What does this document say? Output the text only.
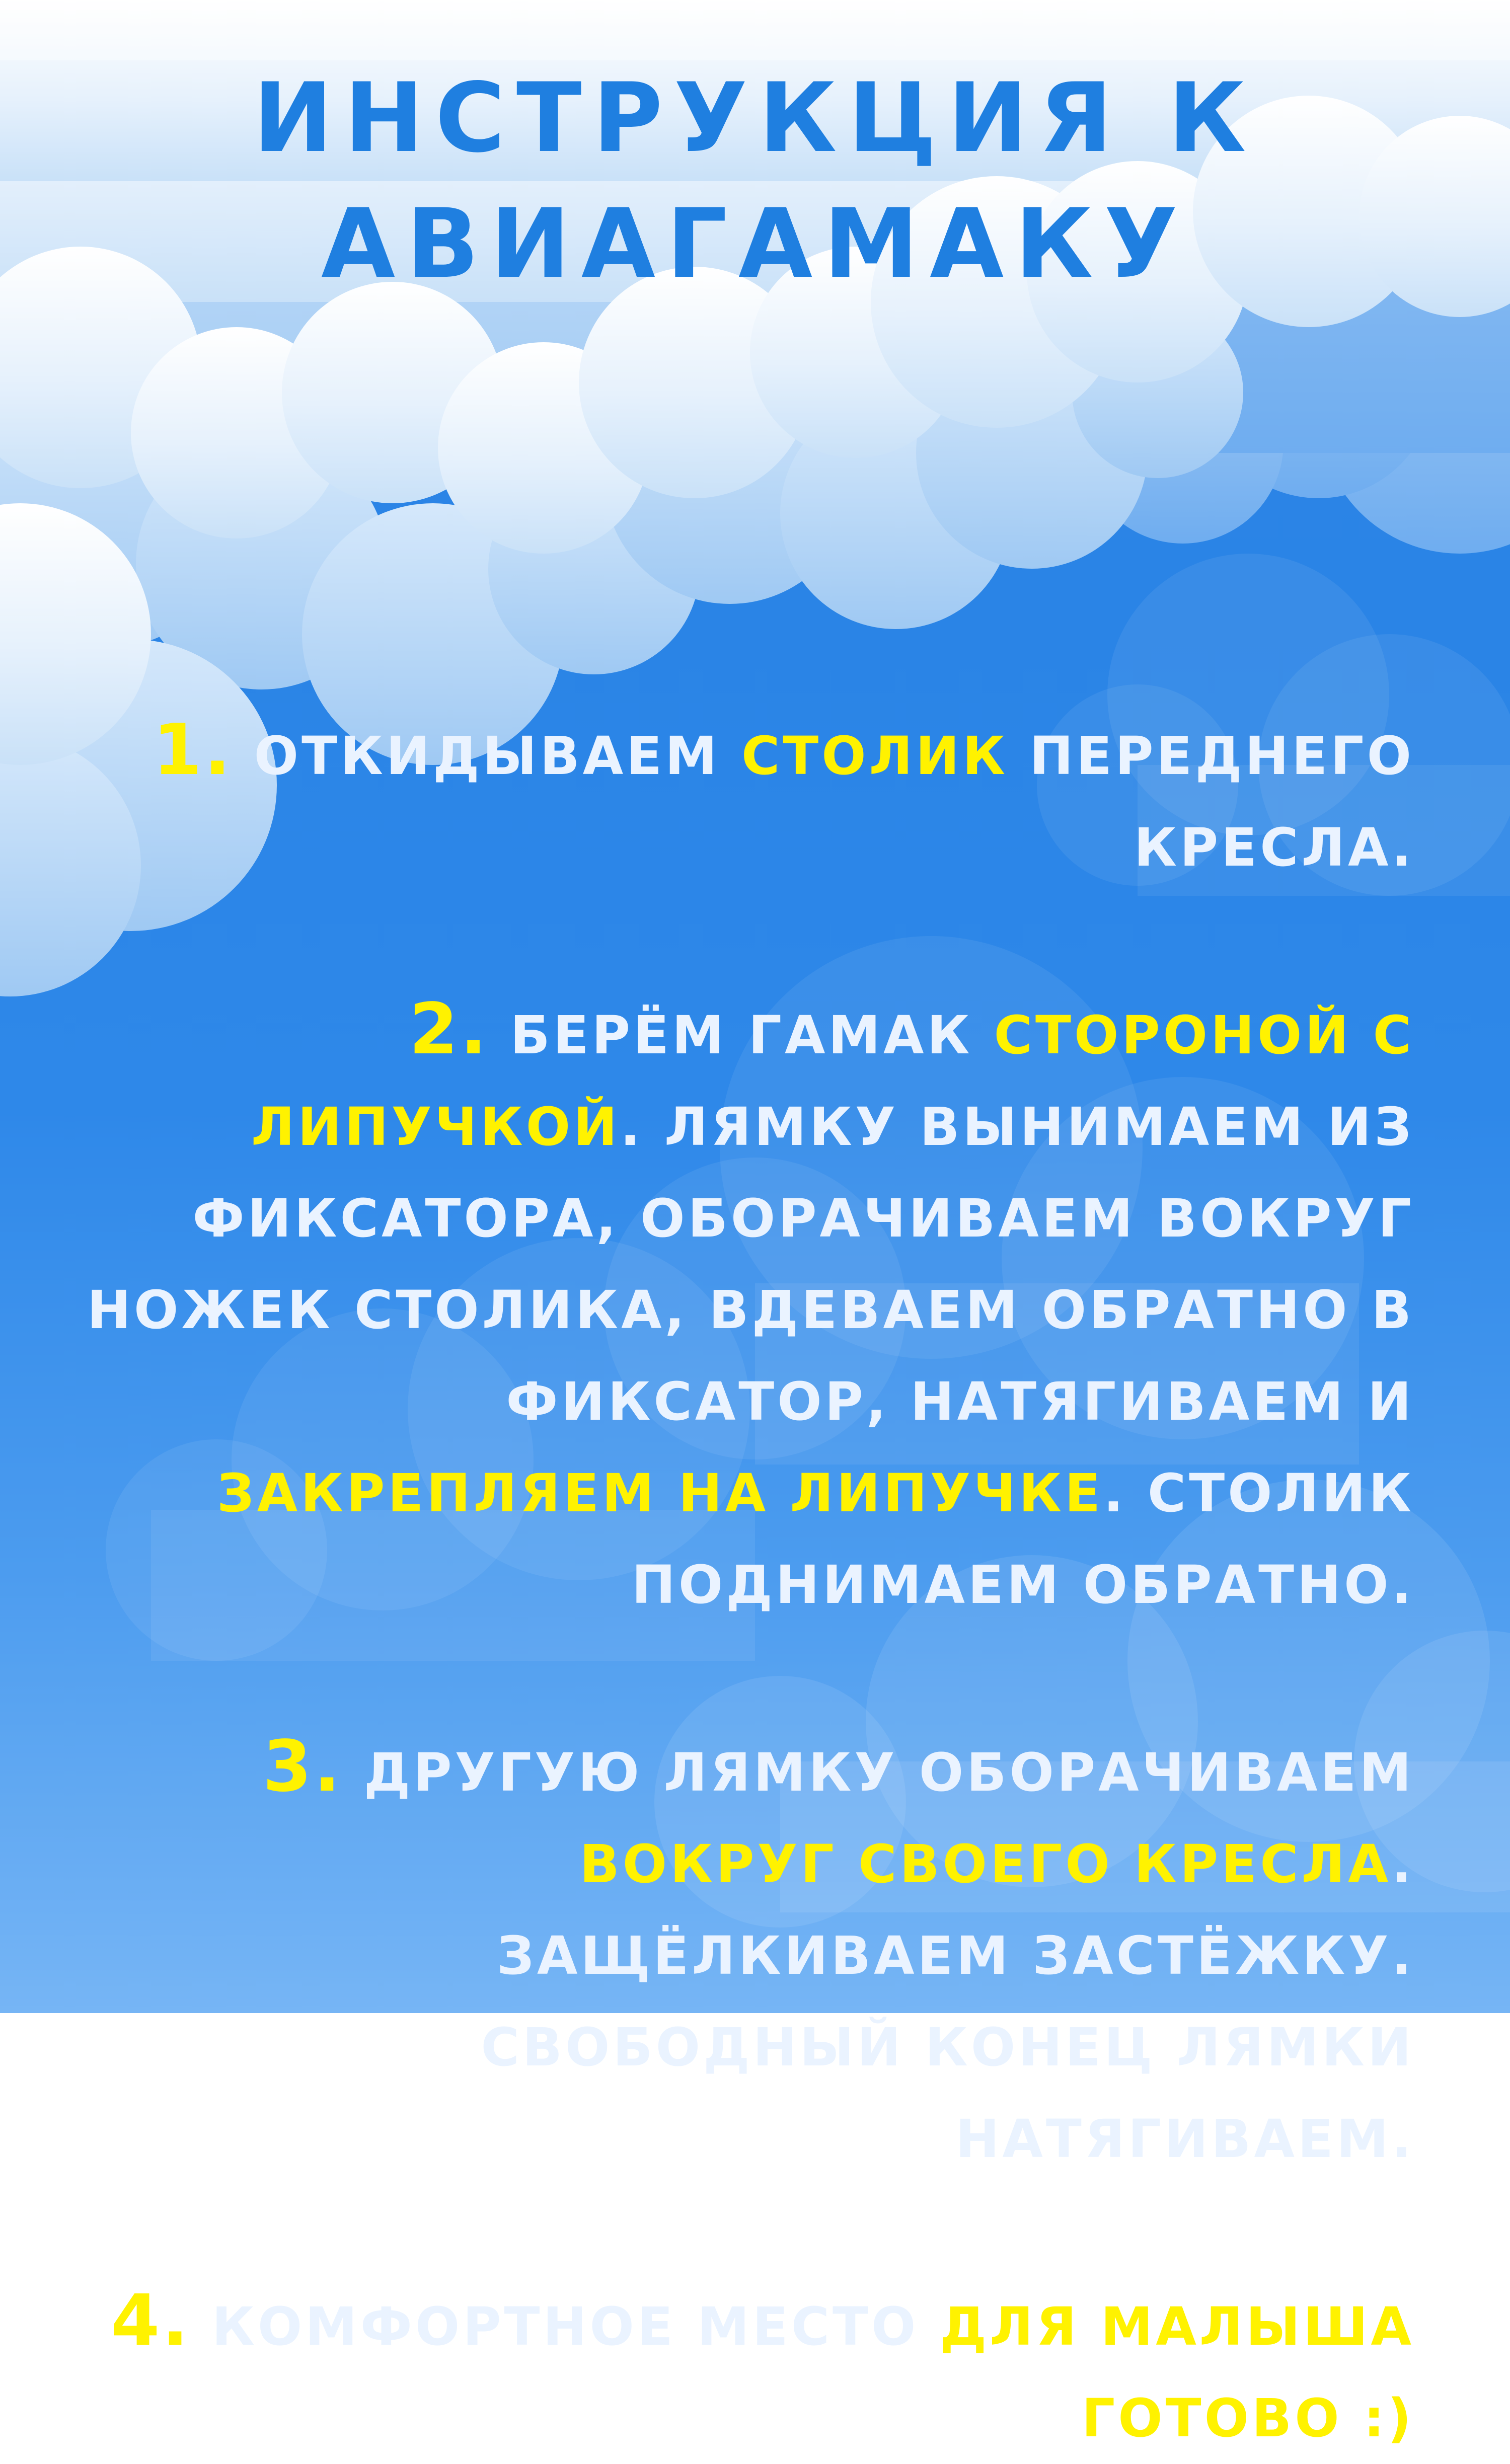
ИНСТРУКЦИЯ К
АВИАГАМАКУ

1. ОТКИДЫВАЕМ СТОЛИК ПЕРЕДНЕГО КРЕСЛА.

2. БЕРЁМ ГАМАК СТОРОНОЙ С ЛИПУЧКОЙ. ЛЯМКУ ВЫНИМАЕМ ИЗ ФИКСАТОРА, ОБОРАЧИВАЕМ ВОКРУГ НОЖЕК СТОЛИКА, ВДЕВАЕМ ОБРАТНО В ФИКСАТОР, НАТЯГИВАЕМ И ЗАКРЕПЛЯЕМ НА ЛИПУЧКЕ. СТОЛИК ПОДНИМАЕМ ОБРАТНО.

3. ДРУГУЮ ЛЯМКУ ОБОРАЧИВАЕМ ВОКРУГ СВОЕГО КРЕСЛА. ЗАЩЁЛКИВАЕМ ЗАСТЁЖКУ. СВОБОДНЫЙ КОНЕЦ ЛЯМКИ НАТЯГИВАЕМ.

4. КОМФОРТНОЕ МЕСТО ДЛЯ МАЛЫША ГОТОВО :)
